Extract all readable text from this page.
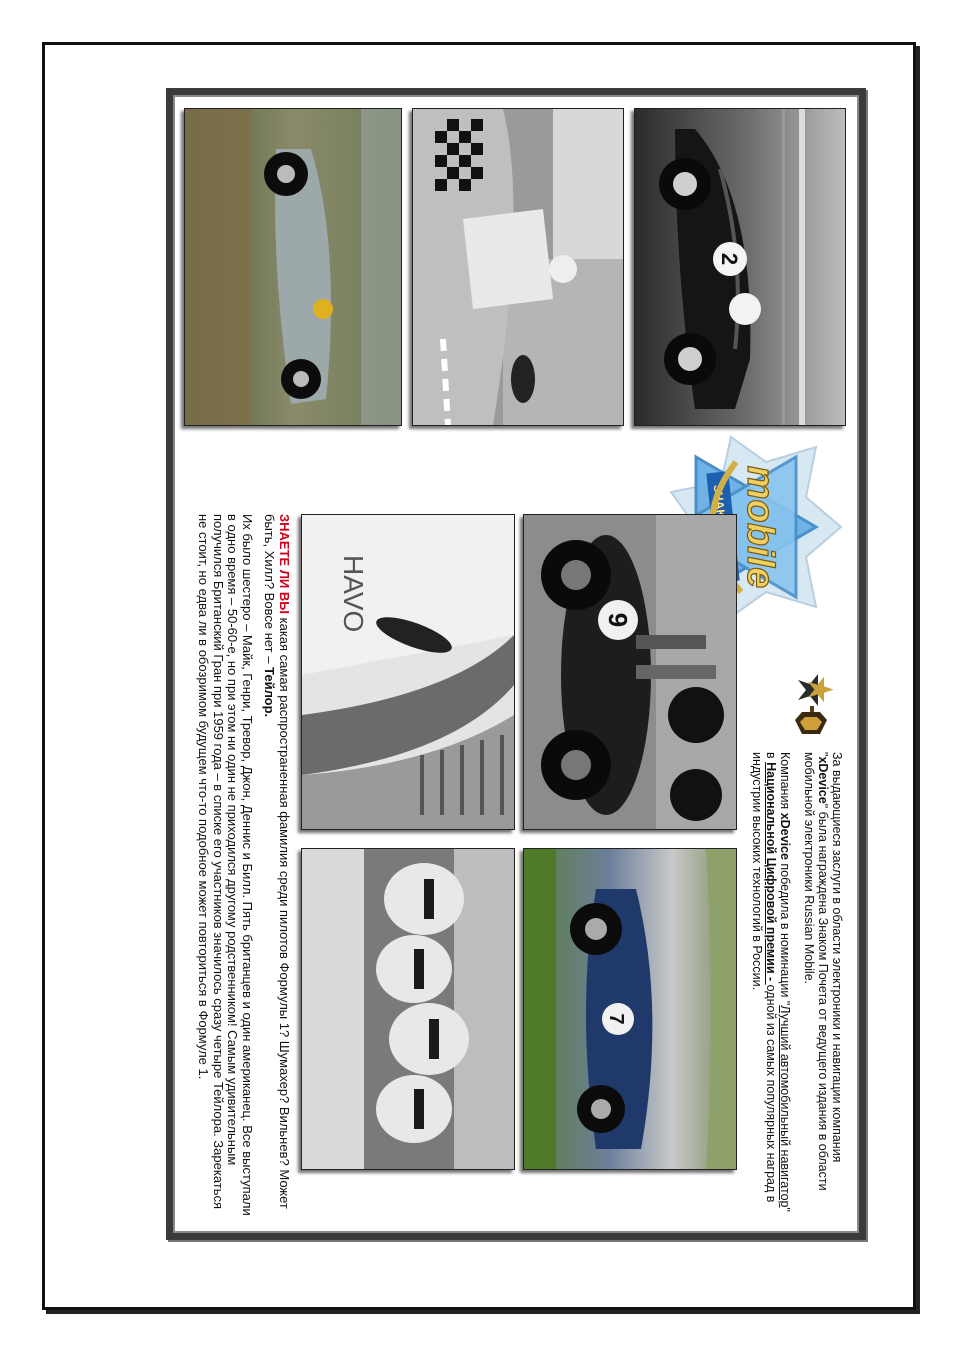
2
mobile

За выдающиеся заслуги в области электроники и навигации компания "xDevice" была награждена Знаком Почета от ведущего издания в области мобильной электроники Russian Mobile.

Компания xDevice победила в номинации "Лучший автомобильный навигатор" в Национальной Цифровой премии - одной из самых популярных наград в индустрии высоких технологий в России.

9
HAVO
7
ЗНАЕТЕ ЛИ ВЫ какая самая распространенная фамилия среди пилотов Формулы 1? Шумахер? Вильнев? Может быть, Хилл? Вовсе нет – Тейлор.
Их было шестеро – Майк, Генри, Тревор, Джон, Деннис и Билл. Пять британцев и один американец. Все выступали в одно время – 50-60-е, но при этом ни один не приходился другому родственником! Самым удивительным получился Британский Гран при 1959 года – в списке его участников значилось сразу четыре Тейлора. Зарекаться не стоит, но едва ли в обозримом будущем что-то подобное может повториться в Формуле 1.
